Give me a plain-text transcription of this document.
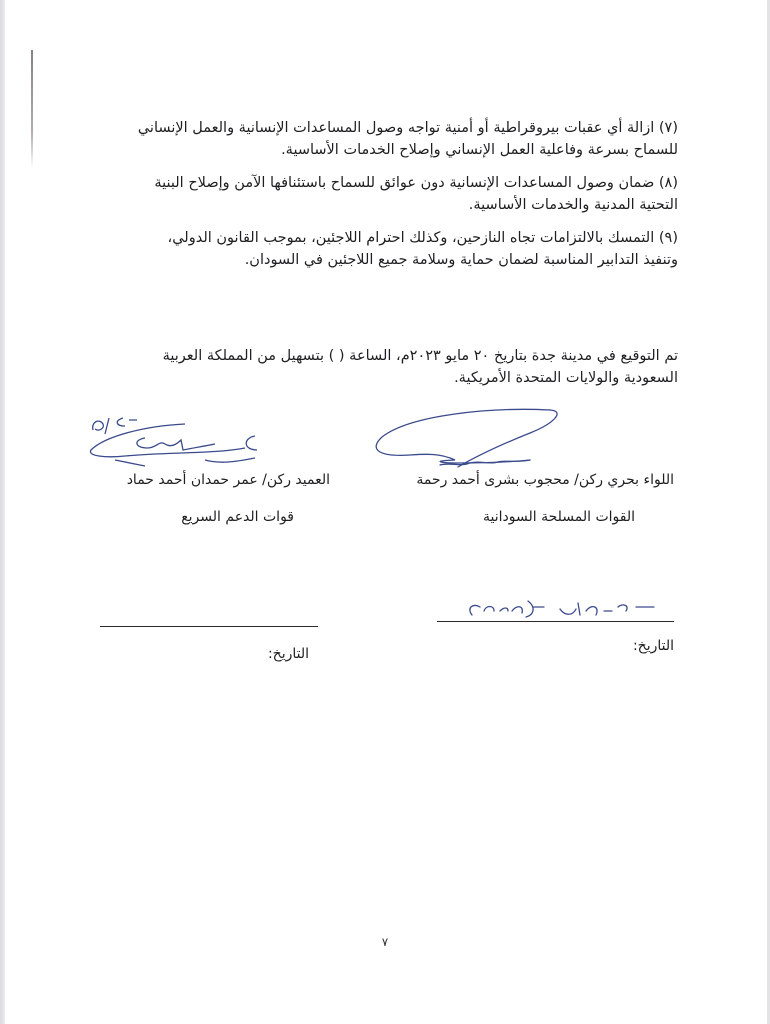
(٧) ازالة أي عقبات بيروقراطية أو أمنية تواجه وصول المساعدات الإنسانية والعمل الإنساني
للسماح بسرعة وفاعلية العمل الإنساني وإصلاح الخدمات الأساسية.
(٨) ضمان وصول المساعدات الإنسانية دون عوائق للسماح باستئنافها الآمن وإصلاح البنية
التحتية المدنية والخدمات الأساسية.
(٩) التمسك بالالتزامات تجاه النازحين، وكذلك احترام اللاجئين، بموجب القانون الدولي،
وتنفيذ التدابير المناسبة لضمان حماية وسلامة جميع اللاجئين في السودان.
تم التوقيع في مدينة جدة بتاريخ ٢٠ مايو ٢٠٢٣م، الساعة ( ) بتسهيل من المملكة العربية
السعودية والولايات المتحدة الأمريكية.
اللواء بحري ركن/ محجوب بشرى أحمد رحمة
القوات المسلحة السودانية
العميد ركن/ عمر حمدان أحمد حماد
قوات الدعم السريع
التاريخ:
التاريخ:
٧
